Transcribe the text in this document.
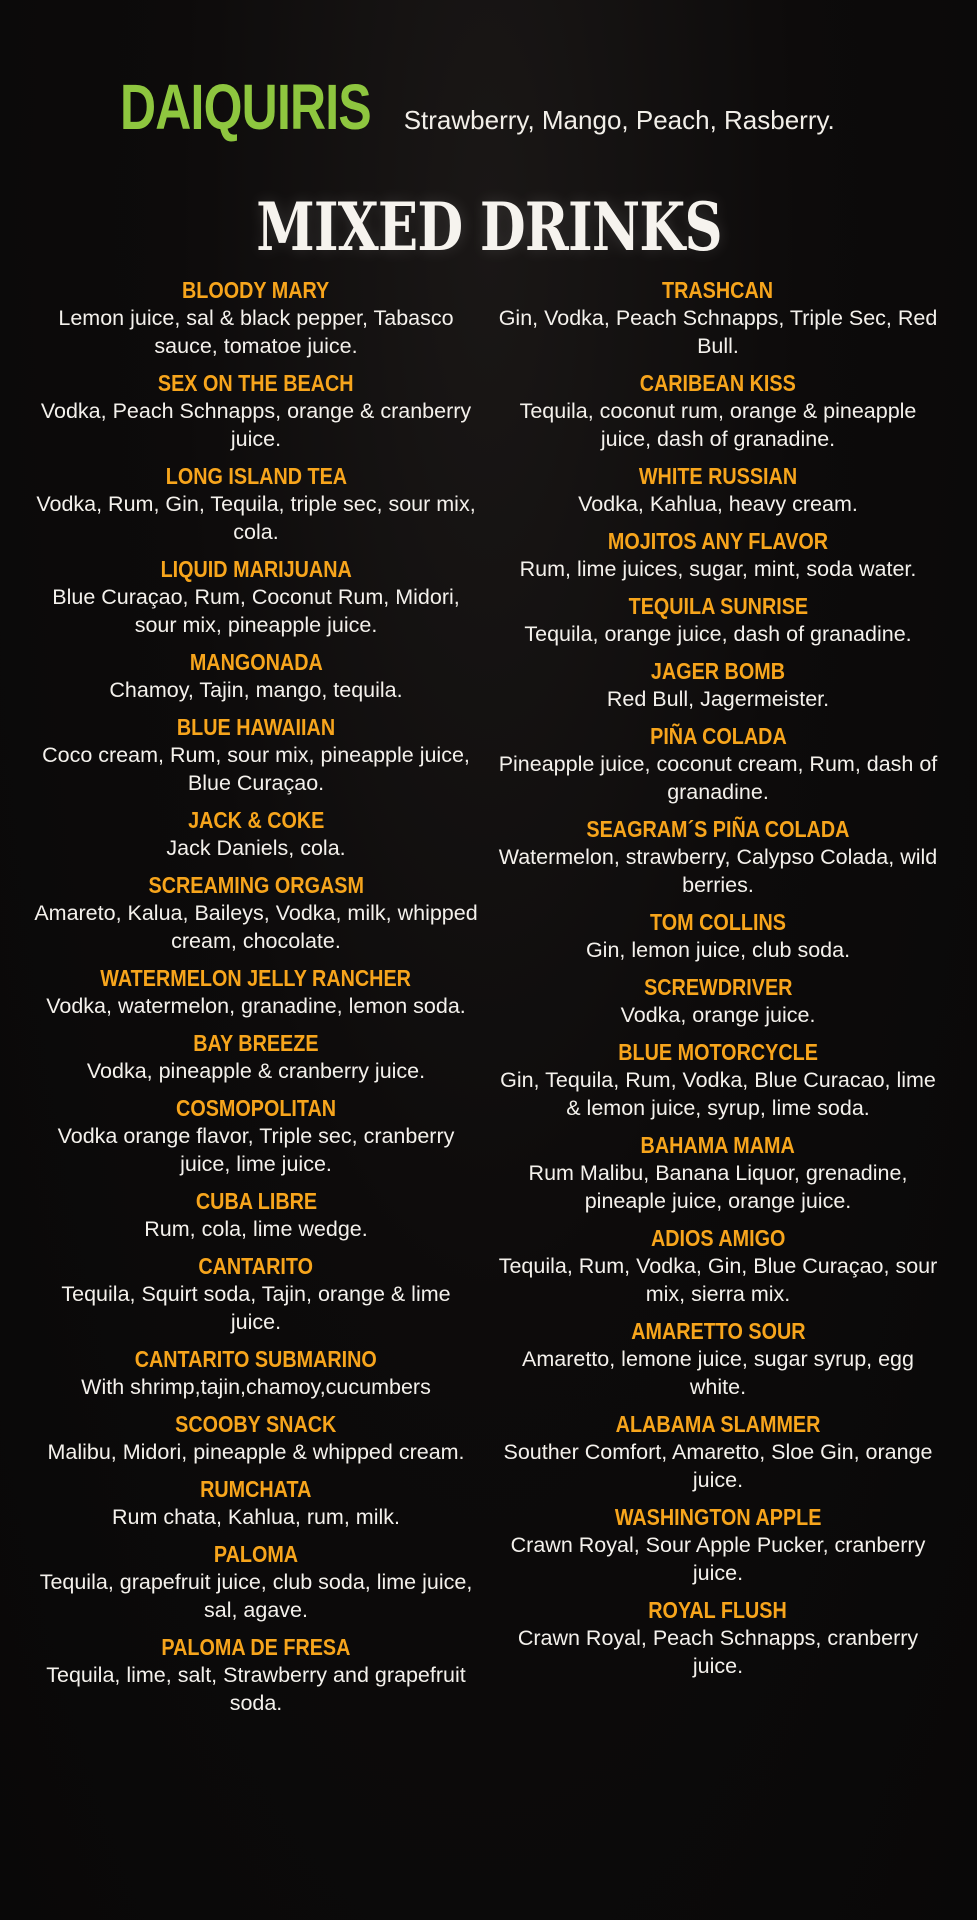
DAIQUIRIS Strawberry, Mango, Peach, Rasberry.
MIXED DRINKS
BLOODY MARY
Lemon juice, sal & black pepper, Tabasco sauce, tomatoe juice.
SEX ON THE BEACH
Vodka, Peach Schnapps, orange & cranberry juice.
LONG ISLAND TEA
Vodka, Rum, Gin, Tequila, triple sec, sour mix, cola.
LIQUID MARIJUANA
Blue Curaçao, Rum, Coconut Rum, Midori, sour mix, pineapple juice.
MANGONADA
Chamoy, Tajin, mango, tequila.
BLUE HAWAIIAN
Coco cream, Rum, sour mix, pineapple juice, Blue Curaçao.
JACK & COKE
Jack Daniels, cola.
SCREAMING ORGASM
Amareto, Kalua, Baileys, Vodka, milk, whipped cream, chocolate.
WATERMELON JELLY RANCHER
Vodka, watermelon, granadine, lemon soda.
BAY BREEZE
Vodka, pineapple & cranberry juice.
COSMOPOLITAN
Vodka orange flavor, Triple sec, cranberry juice, lime juice.
CUBA LIBRE
Rum, cola, lime wedge.
CANTARITO
Tequila, Squirt soda, Tajin, orange & lime juice.
CANTARITO SUBMARINO
With shrimp,tajin,chamoy,cucumbers
SCOOBY SNACK
Malibu, Midori, pineapple & whipped cream.
RUMCHATA
Rum chata, Kahlua, rum, milk.
PALOMA
Tequila, grapefruit juice, club soda, lime juice, sal, agave.
PALOMA DE FRESA
Tequila, lime, salt, Strawberry and grapefruit soda.
TRASHCAN
Gin, Vodka, Peach Schnapps, Triple Sec, Red Bull.
CARIBEAN KISS
Tequila, coconut rum, orange & pineapple juice, dash of granadine.
WHITE RUSSIAN
Vodka, Kahlua, heavy cream.
MOJITOS ANY FLAVOR
Rum, lime juices, sugar, mint, soda water.
TEQUILA SUNRISE
Tequila, orange juice, dash of granadine.
JAGER BOMB
Red Bull, Jagermeister.
PIÑA COLADA
Pineapple juice, coconut cream, Rum, dash of granadine.
SEAGRAM´S PIÑA COLADA
Watermelon, strawberry, Calypso Colada, wild berries.
TOM COLLINS
Gin, lemon juice, club soda.
SCREWDRIVER
Vodka, orange juice.
BLUE MOTORCYCLE
Gin, Tequila, Rum, Vodka, Blue Curacao, lime & lemon juice, syrup, lime soda.
BAHAMA MAMA
Rum Malibu, Banana Liquor, grenadine, pineaple juice, orange juice.
ADIOS AMIGO
Tequila, Rum, Vodka, Gin, Blue Curaçao, sour mix, sierra mix.
AMARETTO SOUR
Amaretto, lemone juice, sugar syrup, egg white.
ALABAMA SLAMMER
Souther Comfort, Amaretto, Sloe Gin, orange juice.
WASHINGTON APPLE
Crawn Royal, Sour Apple Pucker, cranberry juice.
ROYAL FLUSH
Crawn Royal, Peach Schnapps, cranberry juice.
